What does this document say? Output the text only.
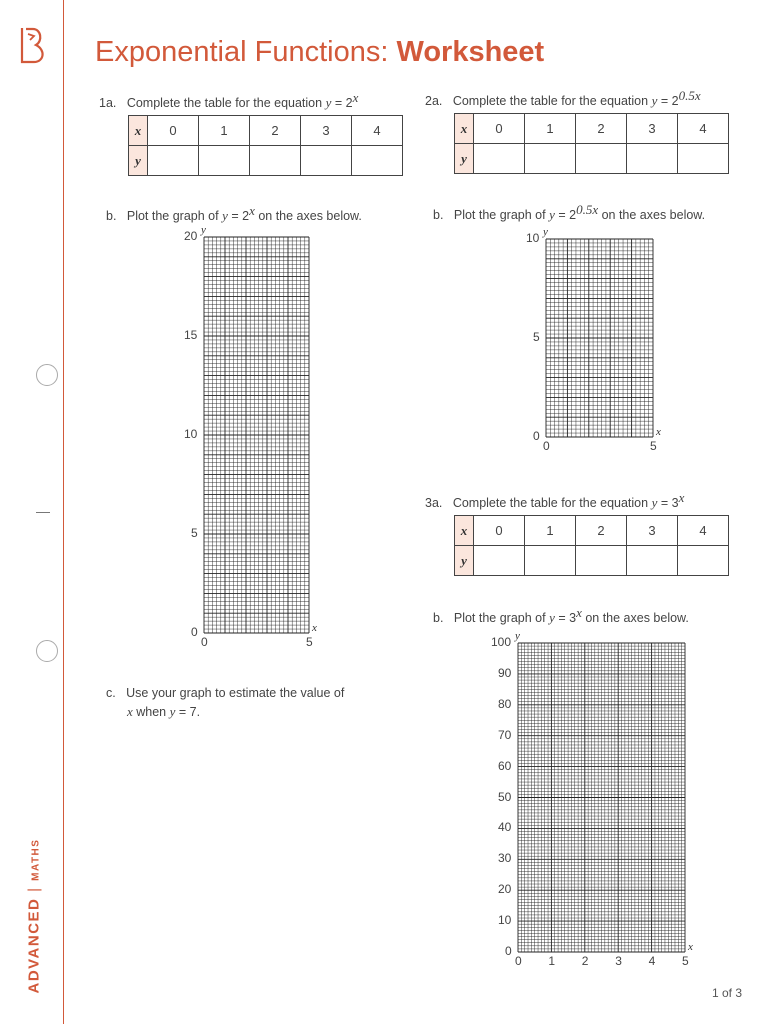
ADVANCED | MATHS
Exponential Functions: Worksheet
1a. Complete the table for the equation $y = 2^x$
x	0	1	2	3	4
y					
b. Plot the graph of $y = 2^x$ on the axes below.
c. Use your graph to estimate the value of
x when y = 7.
2a. Complete the table for the equation $y = 2^{0.5x}$
x	0	1	2	3	4
y					
b. Plot the graph of $y = 2^{0.5x}$ on the axes below.
3a. Complete the table for the equation $y = 3^x$
x	0	1	2	3	4
y					
b. Plot the graph of $y = 3^x$ on the axes below.
1 of 3
20
15
10
5
0
0	5
y
x
10
5
0
0	5
y
x
100
90
80
70
60
50
40
30
20
10
0
0 1 2 3 4 5
y
x
